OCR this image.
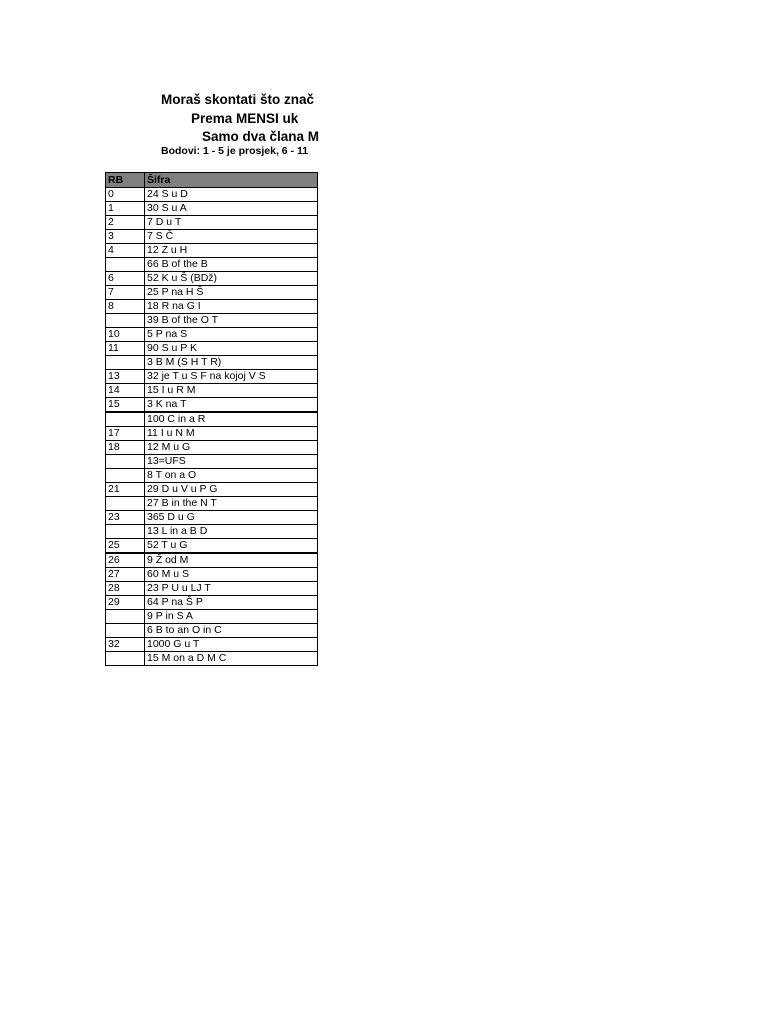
Moraš skontati što znač
Prema MENSI uk
Samo dva člana M
Bodovi: 1 - 5 je prosjek, 6 - 11
RB	Šifra
0	24 S u D
1	30 S u A
2	7 D u T
3	7 S Č
4	12 Z u H
	66 B of the B
6	52 K u Š (BDž)
7	25 P na H Š
8	18 R na G I
	39 B of the O T
10	5 P na S
11	90 S u P K
	3 B M (S H T R)
13	32 je T u S F na kojoj V S
14	15 I u R M
15	3 K na T
	100 C in a R
17	11 I u N M
18	12 M u G
	13=UFS
	8 T on a O
21	29 D u V u P G
	27 B in the N T
23	365 D u G
	13 L in a B D
25	52 T u G
26	9 Ž od M
27	60 M u S
28	23 P U u LJ T
29	64 P na Š P
	9 P in S A
	6 B to an O in C
32	1000 G u T
	15 M on a D M C
